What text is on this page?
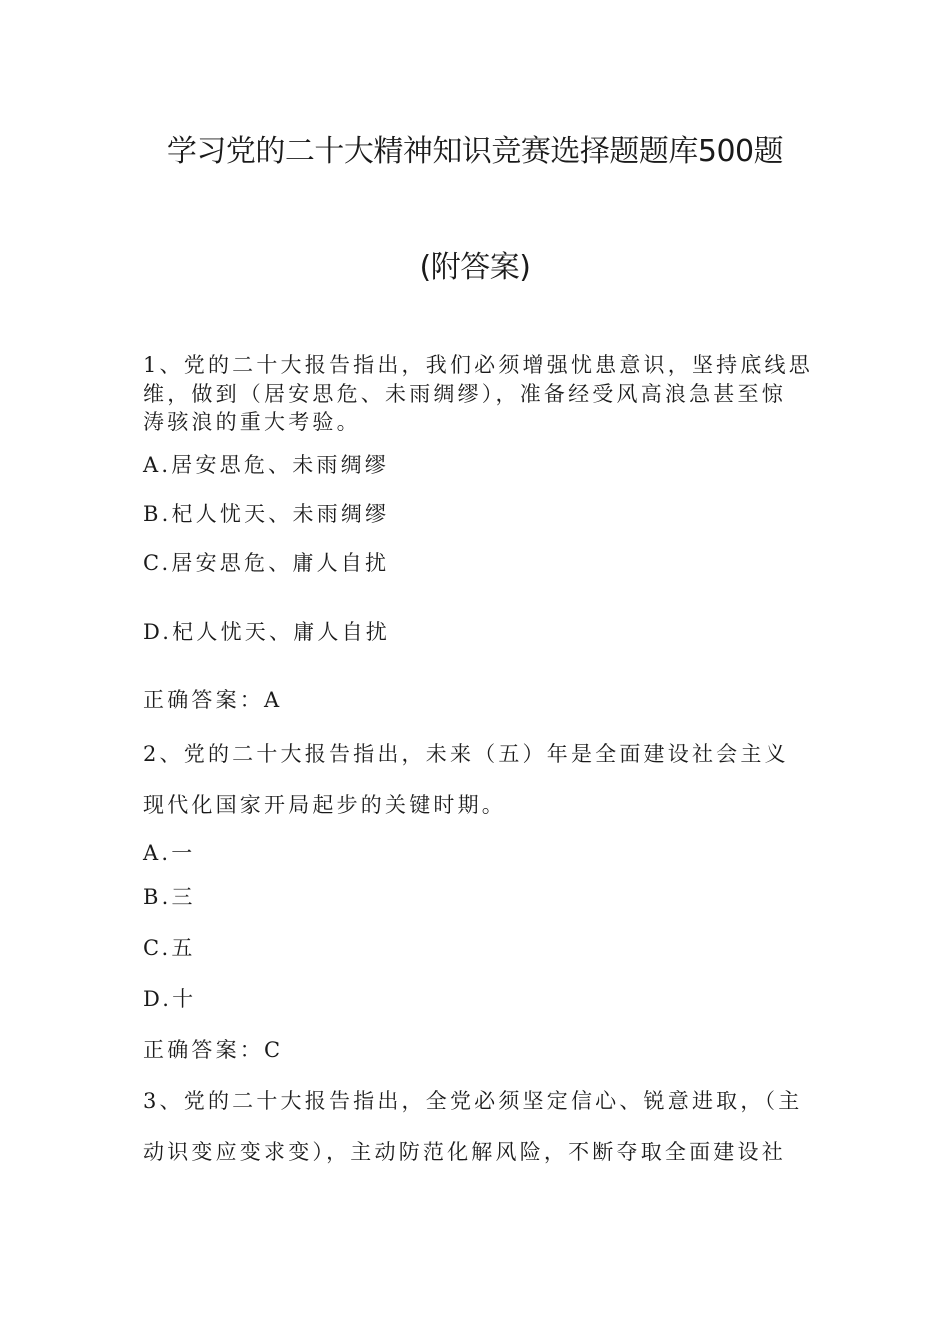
学习党的二十大精神知识竞赛选择题题库500题
(附答案)
1、党的二十大报告指出，我们必须增强忧患意识，坚持底线思
维，做到（居安思危、未雨绸缪），准备经受风高浪急甚至惊
涛骇浪的重大考验。
A.居安思危、未雨绸缪
B.杞人忧天、未雨绸缪
C.居安思危、庸人自扰
D.杞人忧天、庸人自扰
正确答案：A
2、党的二十大报告指出，未来（五）年是全面建设社会主义
现代化国家开局起步的关键时期。
A.一
B.三
C.五
D.十
正确答案：C
3、党的二十大报告指出，全党必须坚定信心、锐意进取，（主
动识变应变求变），主动防范化解风险，不断夺取全面建设社
